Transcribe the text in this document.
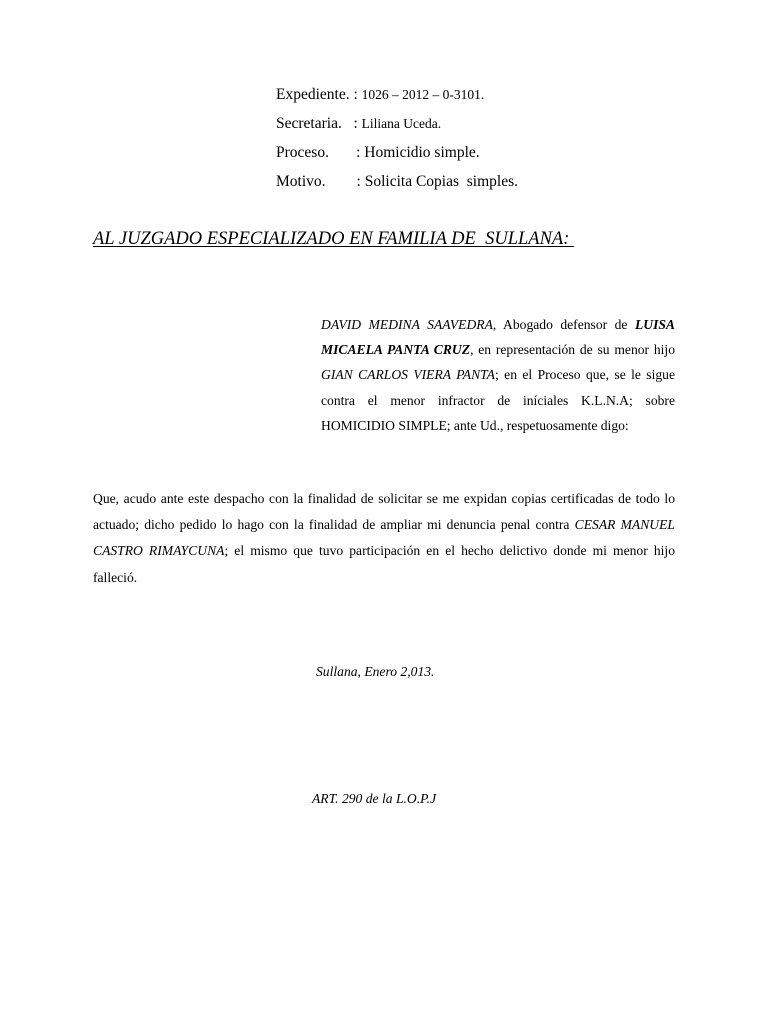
Expediente. : 1026 – 2012 – 0-3101.
Secretaria.   : Liliana Uceda.
Proceso.       : Homicidio simple.
Motivo.        : Solicita Copias  simples.
AL JUZGADO ESPECIALIZADO EN FAMILIA DE  SULLANA:
DAVID MEDINA SAAVEDRA, Abogado defensor de LUISA MICAELA PANTA CRUZ, en representación de su menor hijo GIAN CARLOS VIERA PANTA; en el Proceso que, se le sigue contra el menor infractor de iníciales K.L.N.A; sobre HOMICIDIO SIMPLE; ante Ud., respetuosamente digo:
Que, acudo ante este despacho con la finalidad de solicitar se me expidan copias certificadas de todo lo actuado; dicho pedido lo hago con la finalidad de ampliar mi denuncia penal contra CESAR MANUEL CASTRO RIMAYCUNA; el mismo que tuvo participación en el hecho delictivo donde mi menor hijo falleció.
Sullana, Enero 2,013.
ART. 290 de la L.O.P.J
